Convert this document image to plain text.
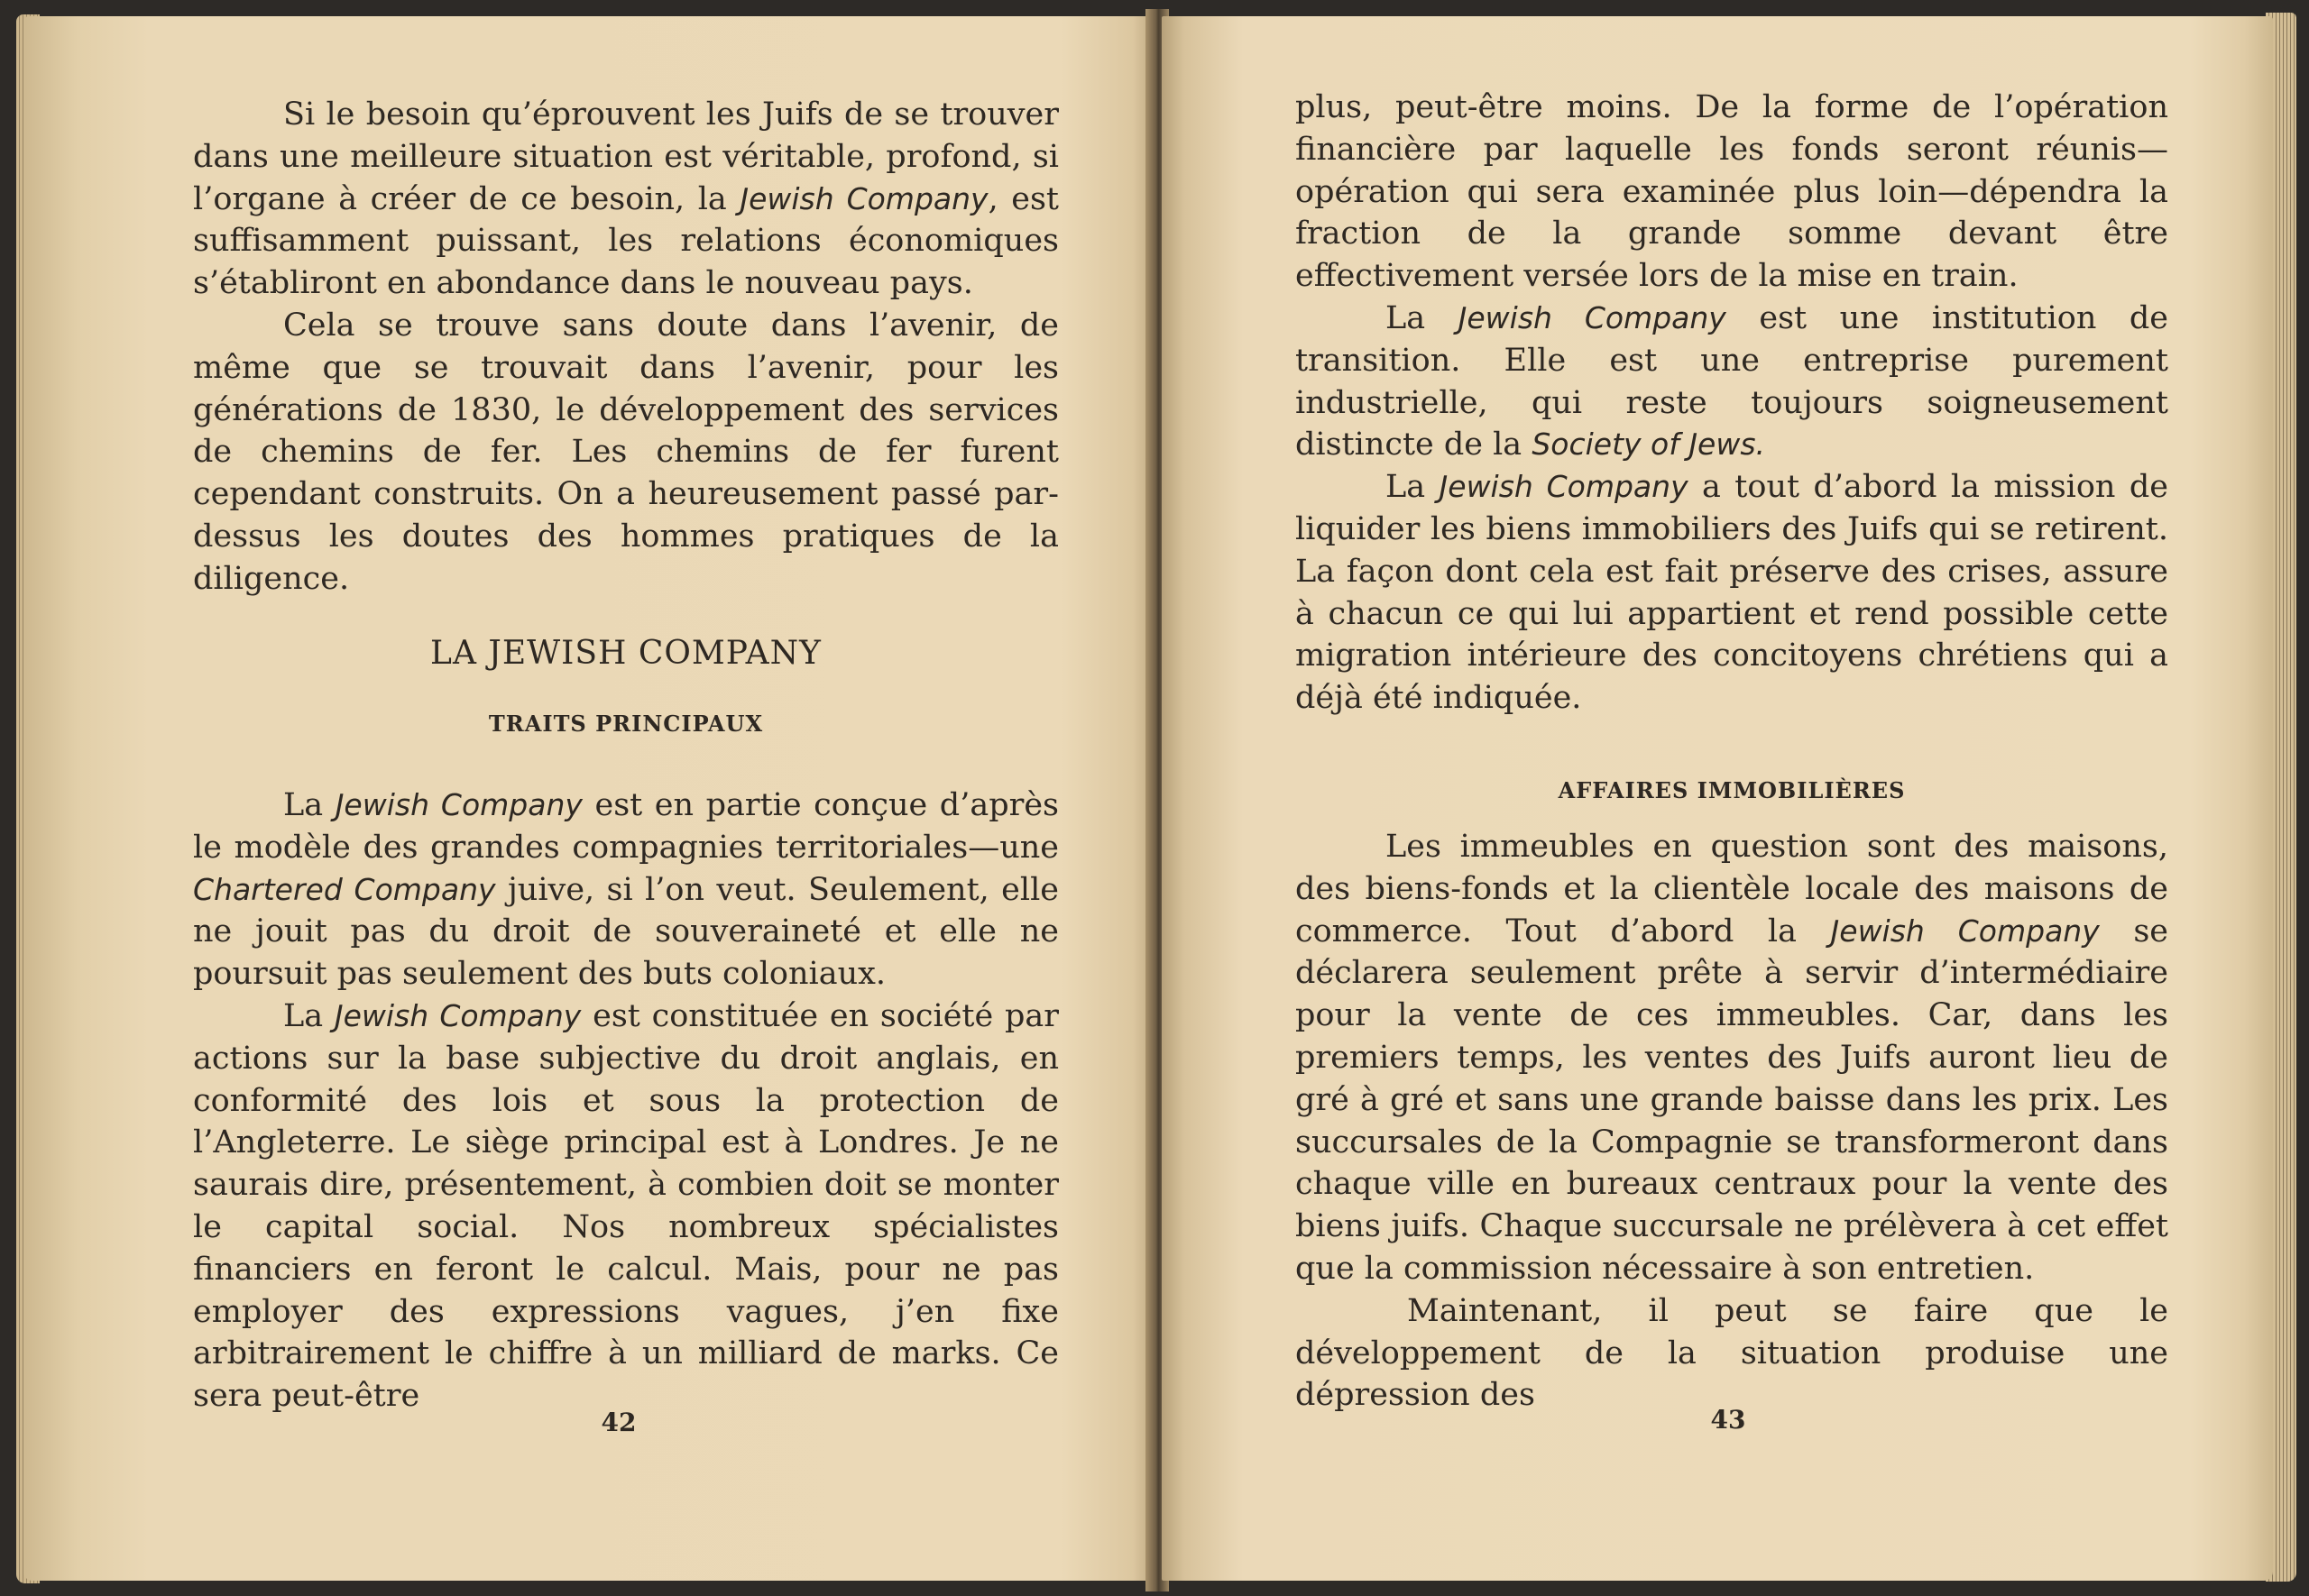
Si le besoin qu’éprouvent les Juifs de se trouver dans une meilleure situation est véritable, profond, si l’organe à créer de ce besoin, la Jewish Company, est suffisamment puissant, les relations économiques s’établiront en abondance dans le nouveau pays.

Cela se trouve sans doute dans l’avenir, de même que se trouvait dans l’avenir, pour les générations de 1830, le développement des services de chemins de fer. Les chemins de fer furent cependant construits. On a heureusement passé par-dessus les doutes des hommes pratiques de la diligence.

LA JEWISH COMPANY
TRAITS PRINCIPAUX

La Jewish Company est en partie conçue d’après le modèle des grandes compagnies territoriales—une Chartered Company juive, si l’on veut. Seulement, elle ne jouit pas du droit de souveraineté et elle ne poursuit pas seulement des buts coloniaux.

La Jewish Company est constituée en société par actions sur la base subjective du droit anglais, en conformité des lois et sous la protection de l’Angleterre. Le siège principal est à Londres. Je ne saurais dire, présentement, à combien doit se monter le capital social. Nos nombreux spécialistes financiers en feront le calcul. Mais, pour ne pas employer des expressions vagues, j’en fixe arbitrairement le chiffre à un milliard de marks. Ce sera peut-être

42

plus, peut-être moins. De la forme de l’opération financière par laquelle les fonds seront réunis—opération qui sera examinée plus loin—dépendra la fraction de la grande somme devant être effectivement versée lors de la mise en train.

La Jewish Company est une institution de transition. Elle est une entreprise purement industrielle, qui reste toujours soigneusement distincte de la Society of Jews.

La Jewish Company a tout d’abord la mission de liquider les biens immobiliers des Juifs qui se retirent. La façon dont cela est fait préserve des crises, assure à chacun ce qui lui appartient et rend possible cette migration intérieure des concitoyens chrétiens qui a déjà été indiquée.

AFFAIRES IMMOBILIÈRES

Les immeubles en question sont des maisons, des biens-fonds et la clientèle locale des maisons de commerce. Tout d’abord la Jewish Company se déclarera seulement prête à servir d’intermédiaire pour la vente de ces immeubles. Car, dans les premiers temps, les ventes des Juifs auront lieu de gré à gré et sans une grande baisse dans les prix. Les succursales de la Compagnie se transformeront dans chaque ville en bureaux centraux pour la vente des biens juifs. Chaque succursale ne prélèvera à cet effet que la commission nécessaire à son entretien.

Maintenant, il peut se faire que le développement de la situation produise une dépression des

43
